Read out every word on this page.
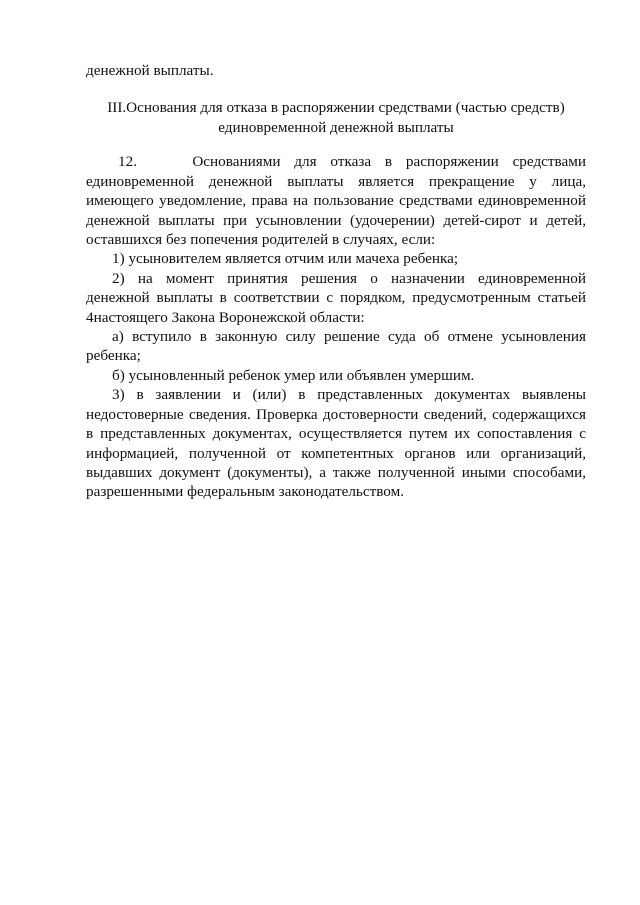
денежной выплаты.

III.Основания для отказа в распоряжении средствами (частью средств)
единовременной денежной выплаты

12.    Основаниями для отказа в распоряжении средствами единовременной денежной выплаты является прекращение у лица, имеющего уведомление, права на пользование средствами единовременной денежной выплаты при усыновлении (удочерении) детей-сирот и детей, оставшихся без попечения родителей в случаях, если:

1) усыновителем является отчим или мачеха ребенка;

2) на момент принятия решения о назначении единовременной денежной выплаты в соответствии с порядком, предусмотренным статьей 4настоящего Закона Воронежской области:

а) вступило в законную силу решение суда об отмене усыновления ребенка;

б) усыновленный ребенок умер или объявлен умершим.

3) в заявлении и (или) в представленных документах выявлены недостоверные сведения. Проверка достоверности сведений, содержащихся в представленных документах, осуществляется путем их сопоставления с информацией, полученной от компетентных органов или организаций, выдавших документ (документы), а также полученной иными способами, разрешенными федеральным законодательством.
